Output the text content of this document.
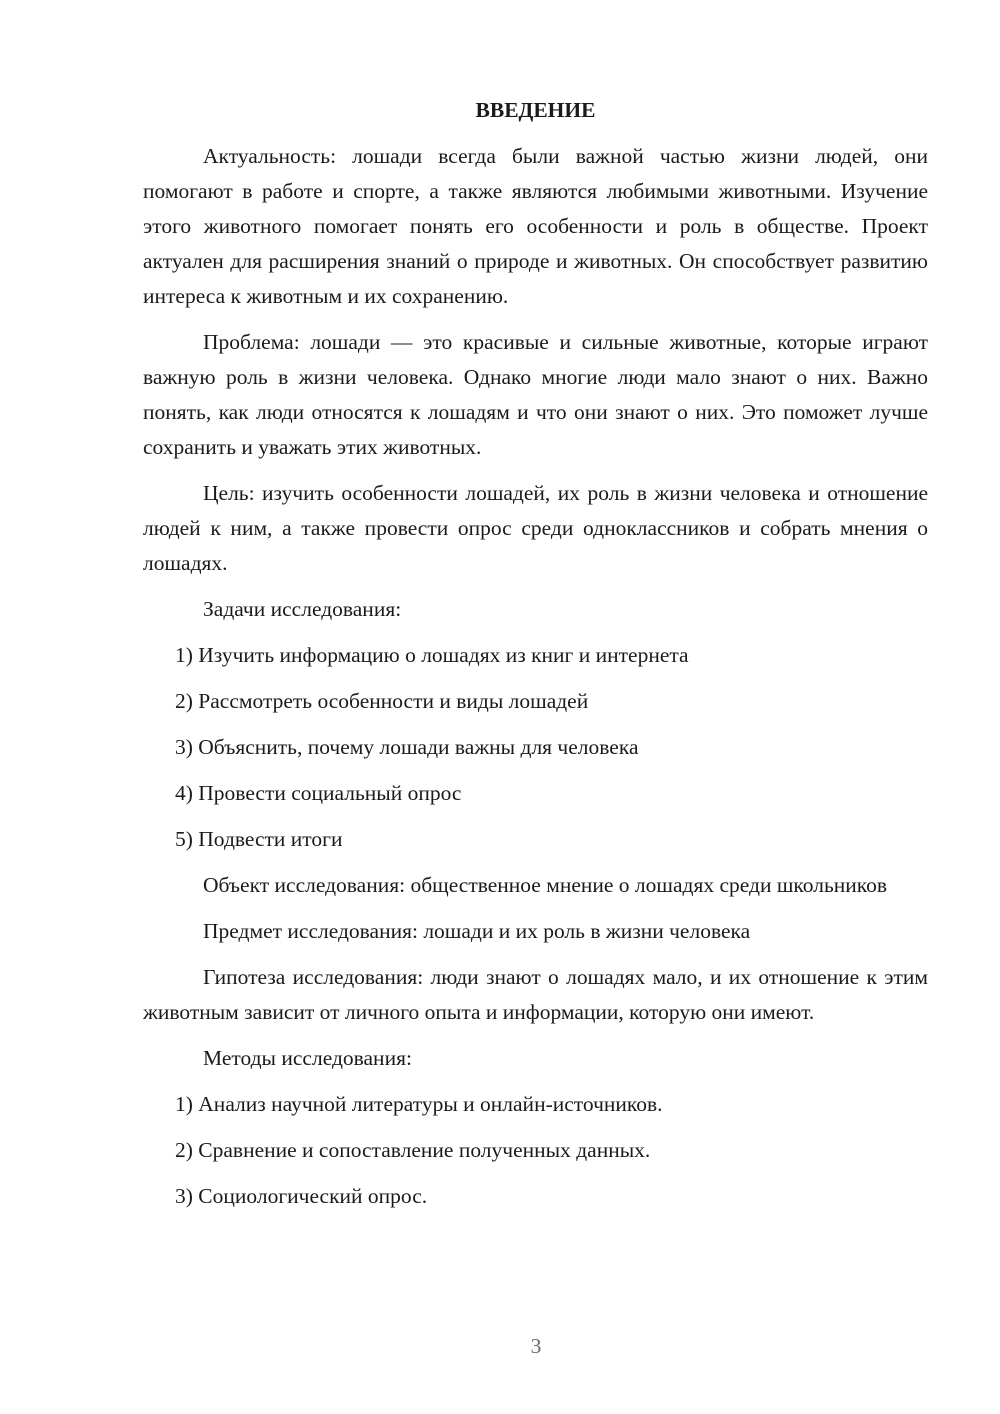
ВВЕДЕНИЕ
Актуальность: лошади всегда были важной частью жизни людей, они помогают в работе и спорте, а также являются любимыми животными. Изучение этого животного помогает понять его особенности и роль в обществе. Проект актуален для расширения знаний о природе и животных. Он способствует развитию интереса к животным и их сохранению.
Проблема: лошади — это красивые и сильные животные, которые играют важную роль в жизни человека. Однако многие люди мало знают о них. Важно понять, как люди относятся к лошадям и что они знают о них. Это поможет лучше сохранить и уважать этих животных.
Цель: изучить особенности лошадей, их роль в жизни человека и отношение людей к ним, а также провести опрос среди одноклассников и собрать мнения о лошадях.
Задачи исследования:
1) Изучить информацию о лошадях из книг и интернета
2) Рассмотреть особенности и виды лошадей
3) Объяснить, почему лошади важны для человека
4) Провести социальный опрос
5) Подвести итоги
Объект исследования: общественное мнение о лошадях среди школьников
Предмет исследования: лошади и их роль в жизни человека
Гипотеза исследования: люди знают о лошадях мало, и их отношение к этим животным зависит от личного опыта и информации, которую они имеют.
Методы исследования:
1) Анализ научной литературы и онлайн-источников.
2) Сравнение и сопоставление полученных данных.
3) Социологический опрос.
3
